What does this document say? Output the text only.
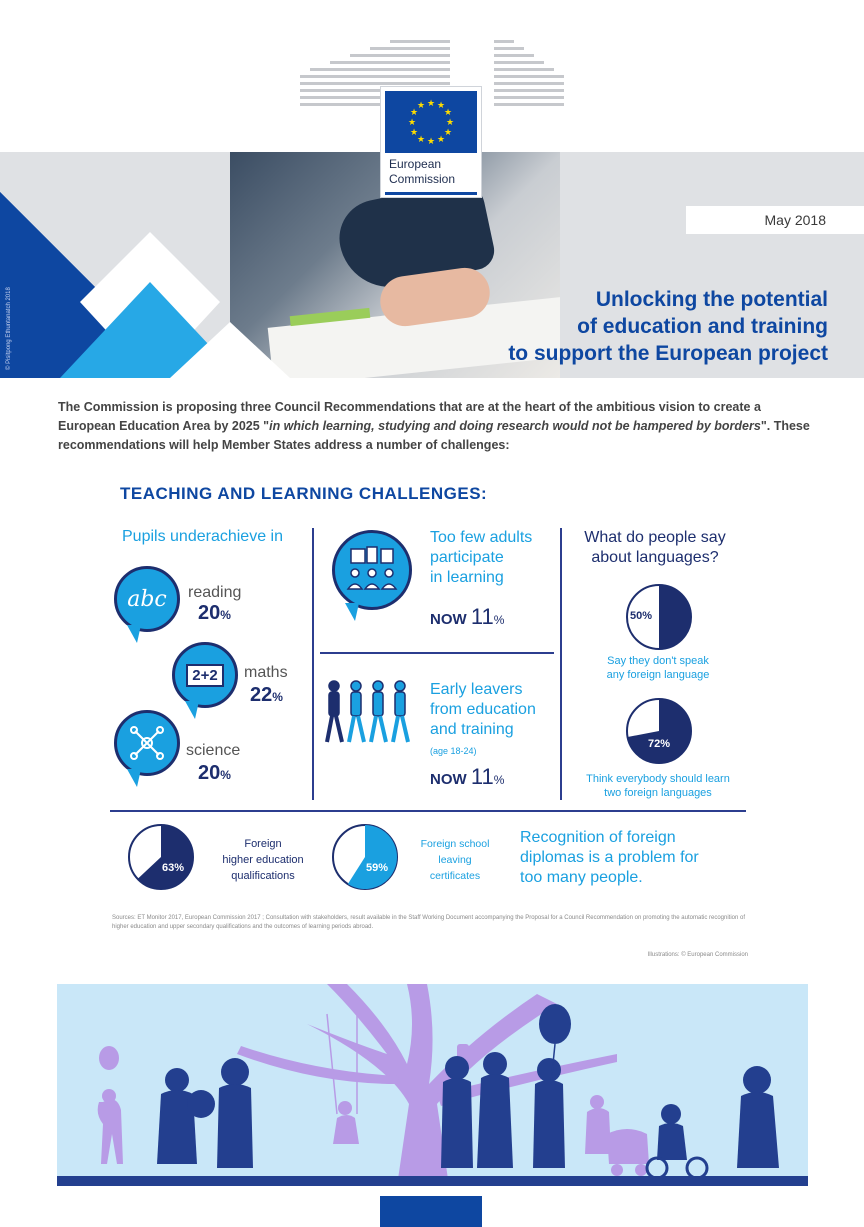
© Pisitpong Ethuntanatch 2018
★ ★
★
★
★
★
★
★
★
★
★
★
European
Commission
May 2018
Unlocking the potential
of education and training
to support the European project

The Commission is proposing three Council Recommendations that are at the heart of the ambitious vision to create a European Education Area by 2025 "in which learning, studying and doing research would not be hampered by borders". These recommendations will help Member States address a number of challenges:

TEACHING AND LEARNING CHALLENGES:
Pupils underachieve in
abc reading
20%
2+2	maths
22%
science
20%
Too few adults
participate
in learning
NOW 11%
Early leavers
from education
and training
(age 18-24)
NOW 11%
What do people say
about languages?
50%
Say they don't speak
any foreign language
72%
Think everybody should learn
two foreign languages
63%
Foreign
higher education
qualifications
59%
Foreign school
leaving
certificates
Recognition of foreign
diplomas is a problem for
too many people.
Sources: ET Monitor 2017, European Commission 2017 ; Consultation with stakeholders, result available in the Staff Working Document accompanying the Proposal for a Council Recommendation on promoting the automatic recognition of higher education and upper secondary qualifications and the outcomes of learning periods abroad.
Illustrations: © European Commission
